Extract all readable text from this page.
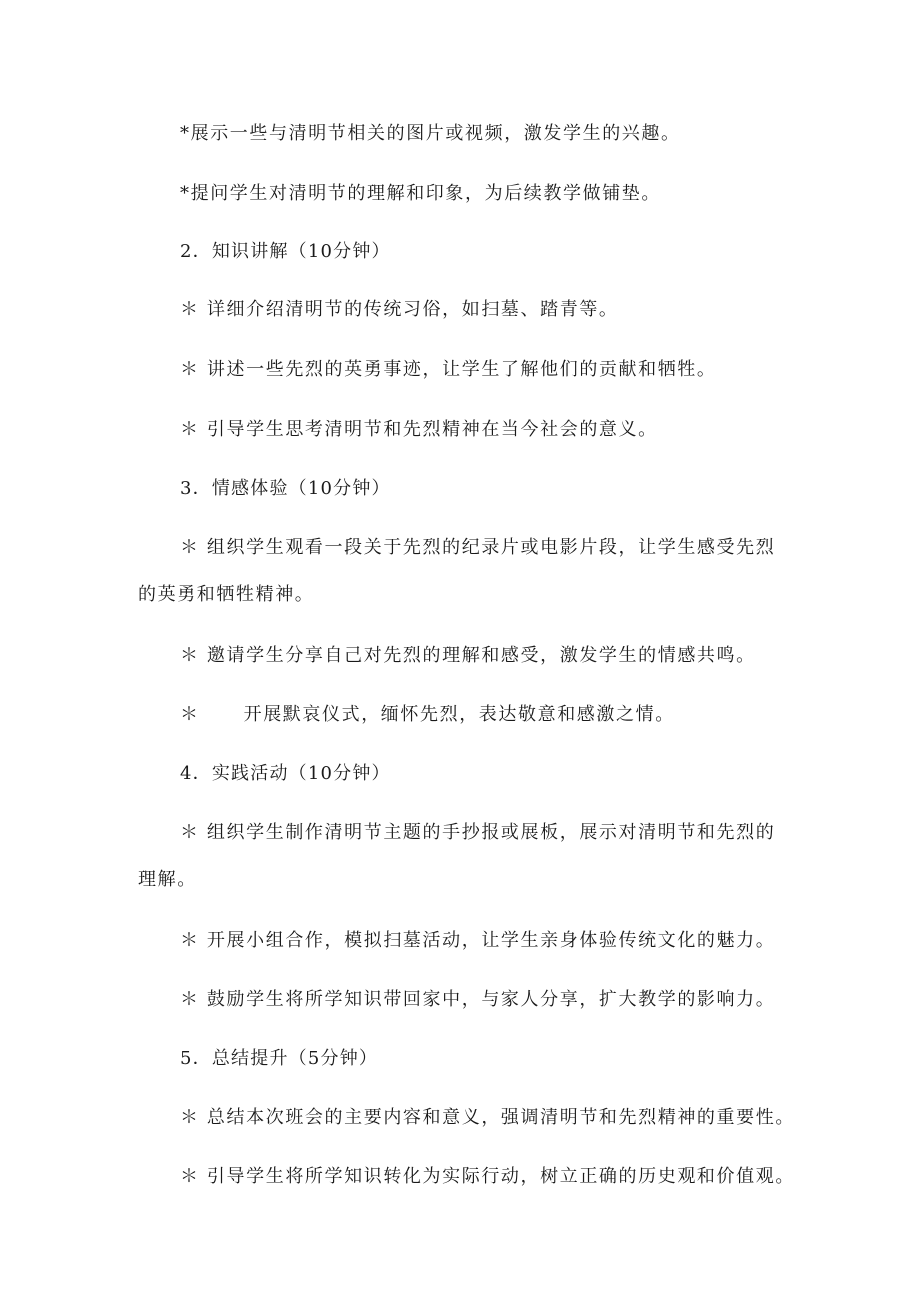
*展示一些与清明节相关的图片或视频，激发学生的兴趣。
*提问学生对清明节的理解和印象，为后续教学做铺垫。
2．知识讲解（10分钟）
＊ 详细介绍清明节的传统习俗，如扫墓、踏青等。
＊ 讲述一些先烈的英勇事迹，让学生了解他们的贡献和牺牲。
＊ 引导学生思考清明节和先烈精神在当今社会的意义。
3．情感体验（10分钟）
＊ 组织学生观看一段关于先烈的纪录片或电影片段，让学生感受先烈
的英勇和牺牲精神。
＊ 邀请学生分享自己对先烈的理解和感受，激发学生的情感共鸣。
＊ 开展默哀仪式，缅怀先烈，表达敬意和感激之情。
4．实践活动（10分钟）
＊ 组织学生制作清明节主题的手抄报或展板，展示对清明节和先烈的
理解。
＊ 开展小组合作，模拟扫墓活动，让学生亲身体验传统文化的魅力。
＊ 鼓励学生将所学知识带回家中，与家人分享，扩大教学的影响力。
5．总结提升（5分钟）
＊ 总结本次班会的主要内容和意义，强调清明节和先烈精神的重要性。
＊ 引导学生将所学知识转化为实际行动，树立正确的历史观和价值观。
